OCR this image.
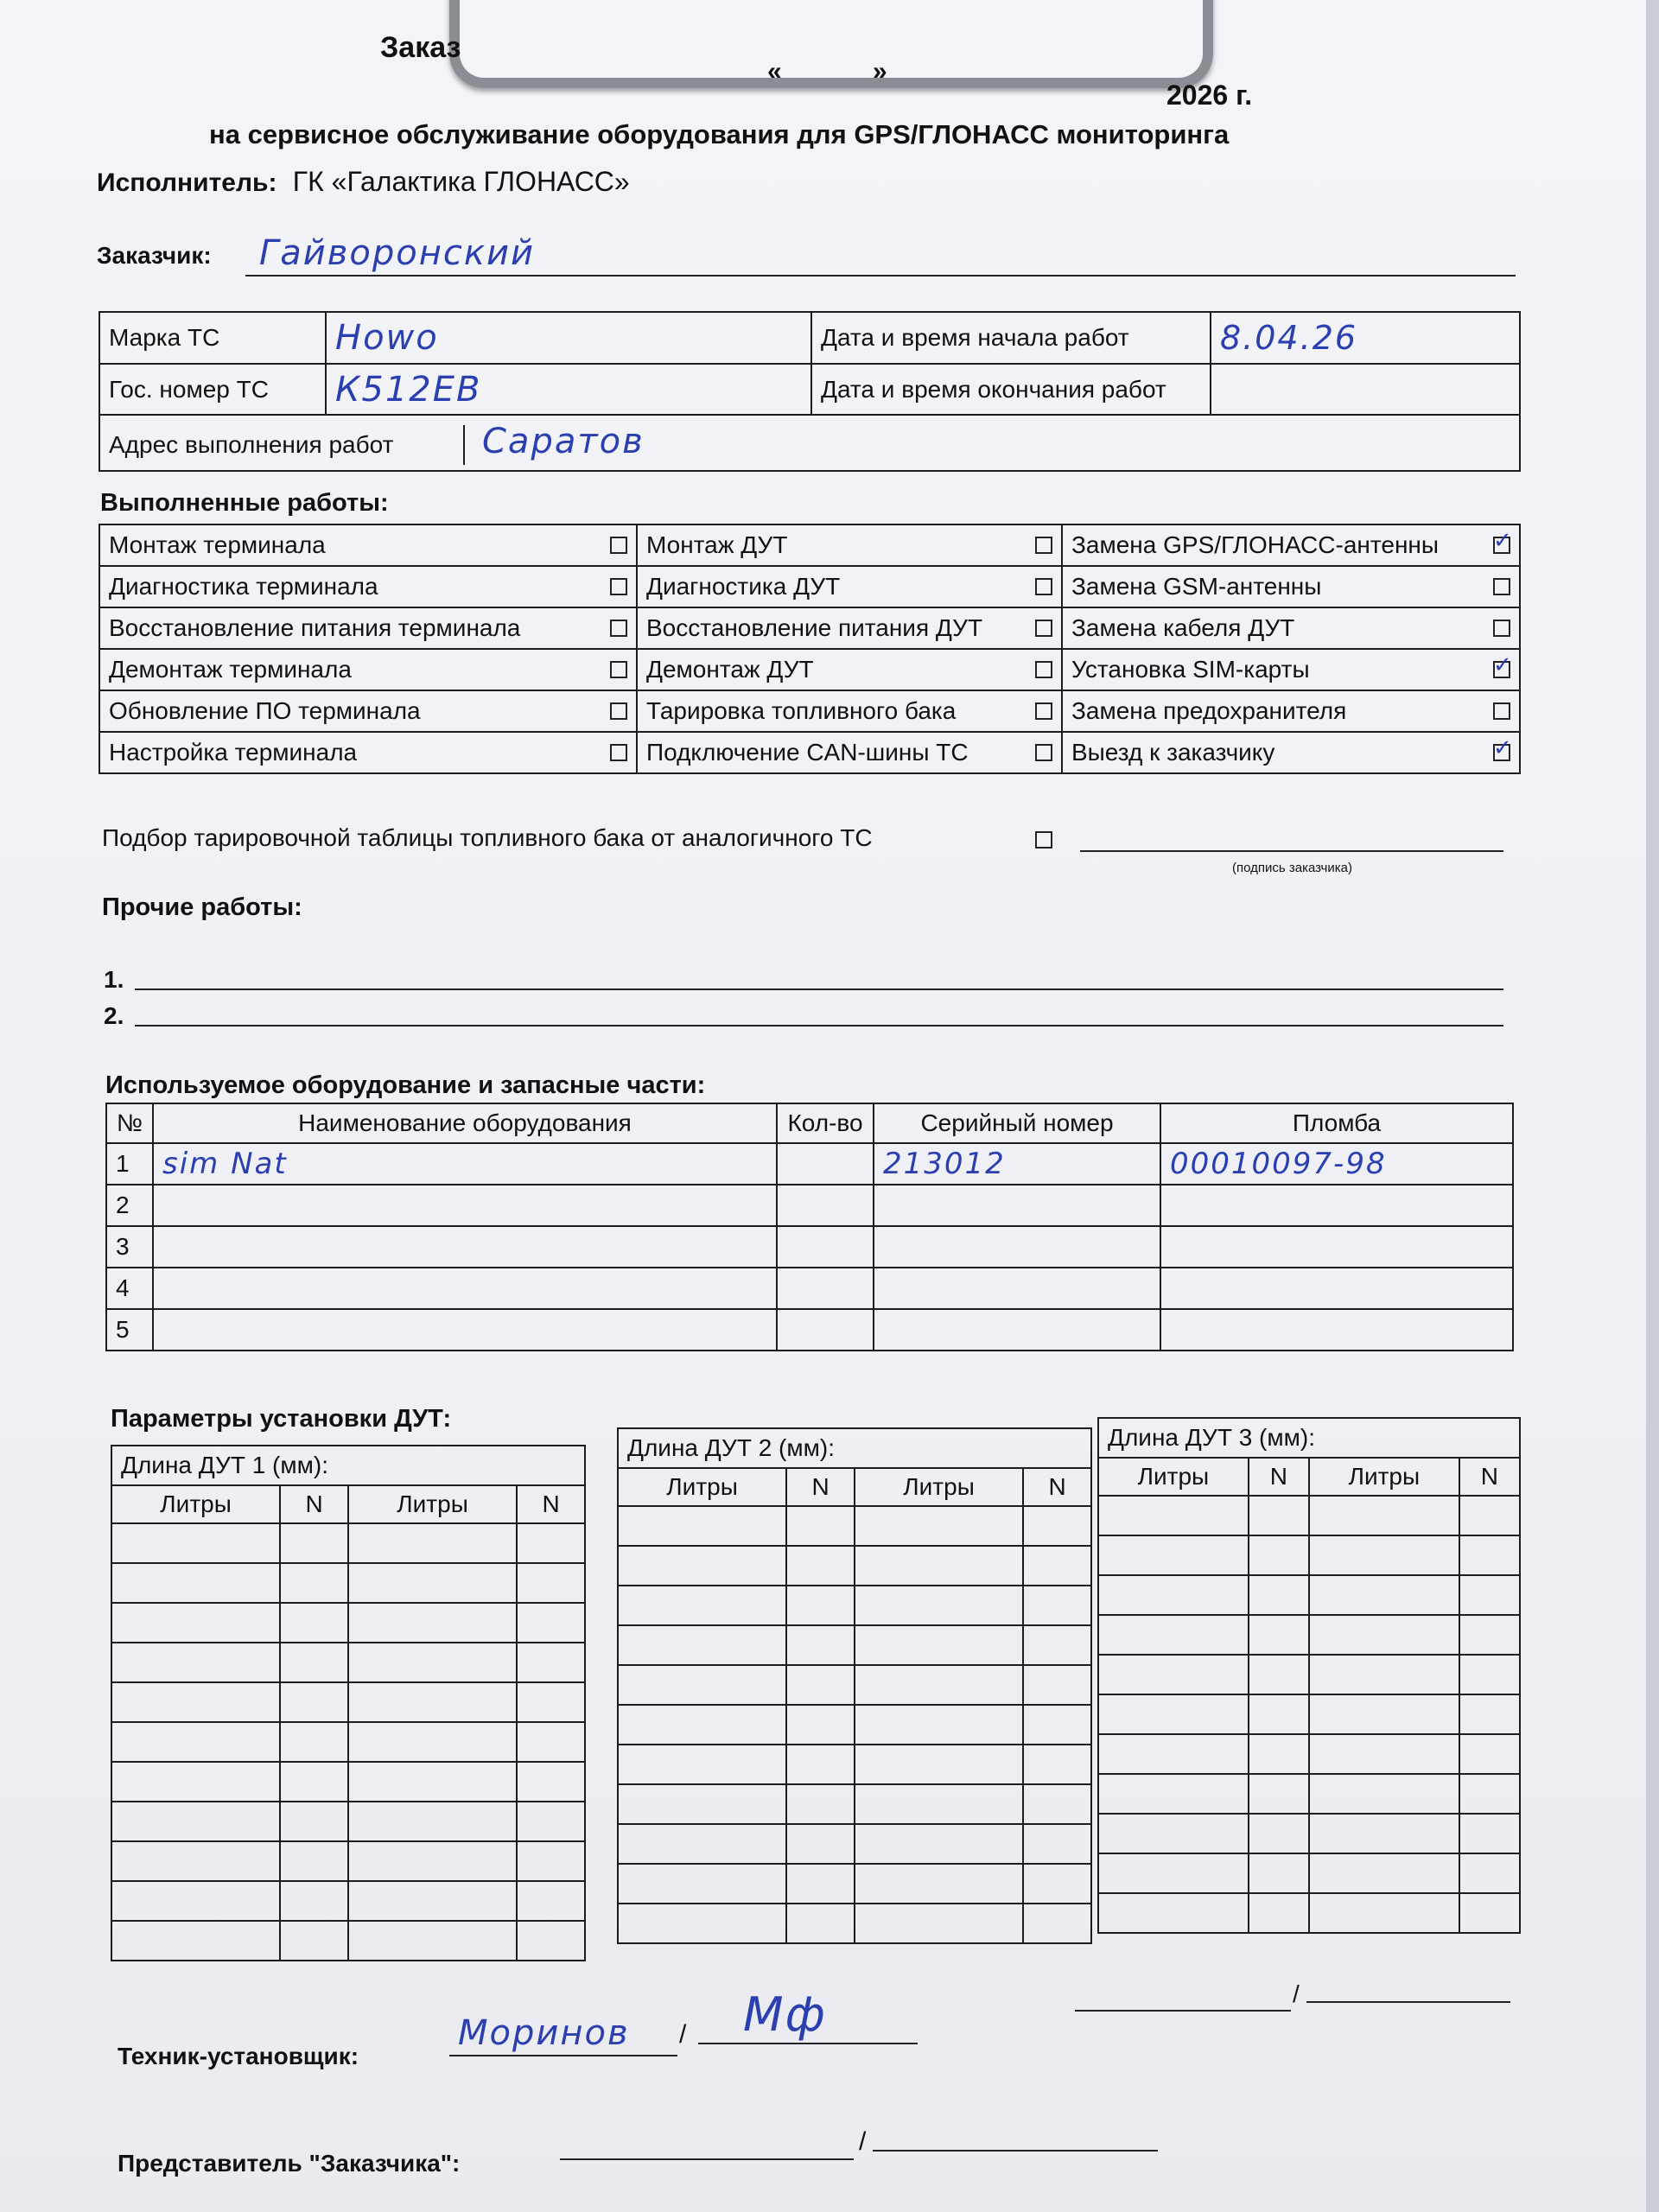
Заказ
«	»
2026 г.
на сервисное обслуживание оборудования для GPS/ГЛОНАСС мониторинга
Исполнитель: ГК «Галактика ГЛОНАСС»
Заказчик: Гайворонский
Марка ТС	Howo	Дата и время начала работ	8.04.26
Гос. номер ТС	К512ЕВ	Дата и время окончания работ	
Адрес выполнения работ Саратов			
Выполненные работы:
Монтаж терминала	Монтаж ДУТ	Замена GPS/ГЛОНАСС-антенны
✓

Диагностика терминала	Диагностика ДУТ	Замена GSM-антенны

Восстановление питания терминала	Восстановление питания ДУТ	Замена кабеля ДУТ

Демонтаж терминала	Демонтаж ДУТ	Установка SIM-карты
✓

Обновление ПО терминала	Тарировка топливного бака	Замена предохранителя

Настройка терминала	Подключение CAN-шины ТС	Выезд к заказчику
✓
Подбор тарировочной таблицы топливного бака от аналогичного ТС
(подпись заказчика)
Прочие работы:
1.
2.
Используемое оборудование и запасные части:
№	Наименование оборудования	Кол-во	Серийный номер	Пломба
1	sim Nat		213012	00010097-98
2				
3				
4				
5				
Параметры установки ДУТ:
Длина ДУТ 1 (мм):			
Литры	N	Литры	N

Длина ДУТ 2 (мм):			
Литры	N	Литры	N

Длина ДУТ 3 (мм):			
Литры	N	Литры	N

/
Техник-установщик:
Моринов / Мф
Представитель "Заказчика":
/
